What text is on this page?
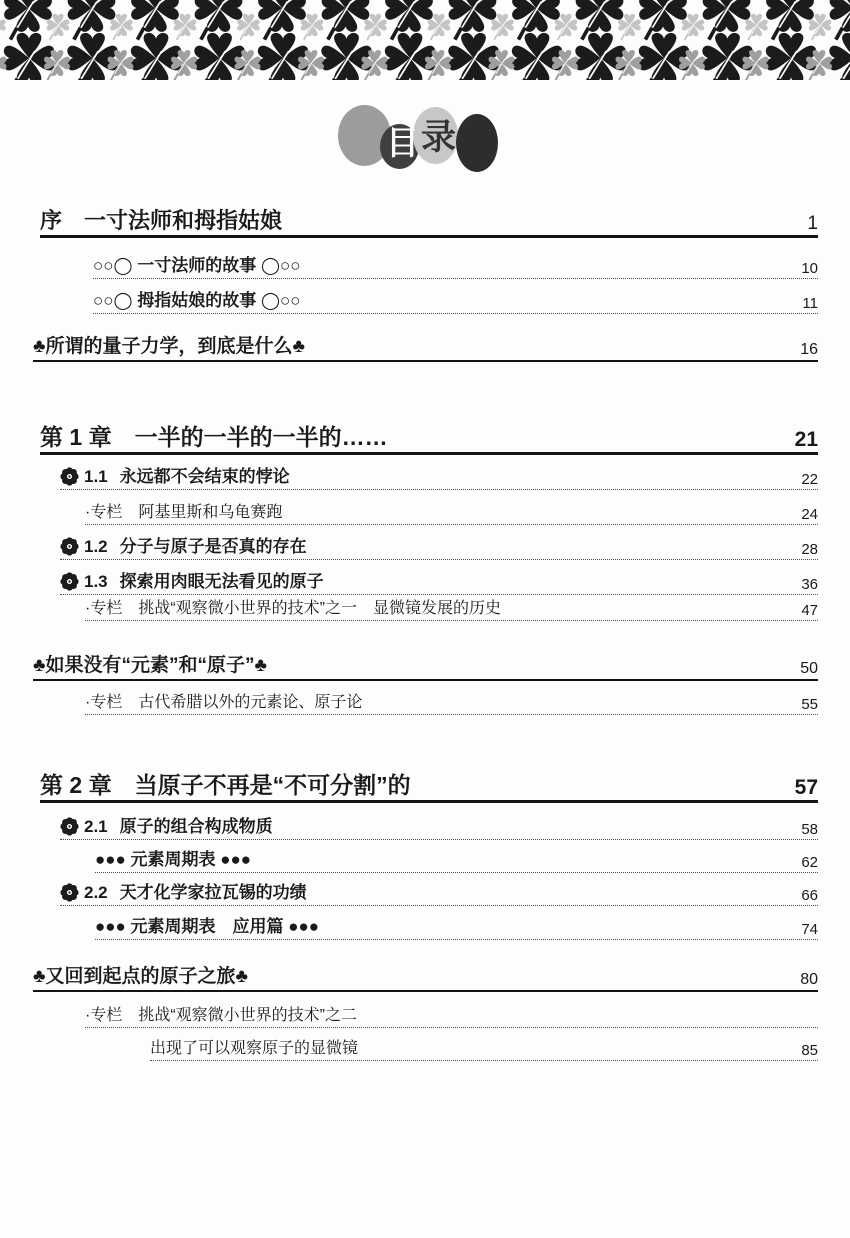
目 录
序　一寸法师和拇指姑娘	1
○○◯ 一寸法师的故事 ◯○○	10
○○◯ 拇指姑娘的故事 ◯○○	11
♣所谓的量子力学，到底是什么♣	16
第 1 章　一半的一半的一半的……	21
1.1 永远都不会结束的悖论	22
·专栏　阿基里斯和乌龟赛跑	24
1.2 分子与原子是否真的存在	28
1.3 探索用肉眼无法看见的原子	36
·专栏　挑战“观察微小世界的技术”之一　显微镜发展的历史	47
♣如果没有“元素”和“原子”♣	50
·专栏　古代希腊以外的元素论、原子论	55
第 2 章　当原子不再是“不可分割”的	57
2.1 原子的组合构成物质	58
●●● 元素周期表 ●●●	62
2.2 天才化学家拉瓦锡的功绩	66
●●● 元素周期表　应用篇 ●●●	74
♣又回到起点的原子之旅♣	80
·专栏　挑战“观察微小世界的技术”之二
出现了可以观察原子的显微镜	85
